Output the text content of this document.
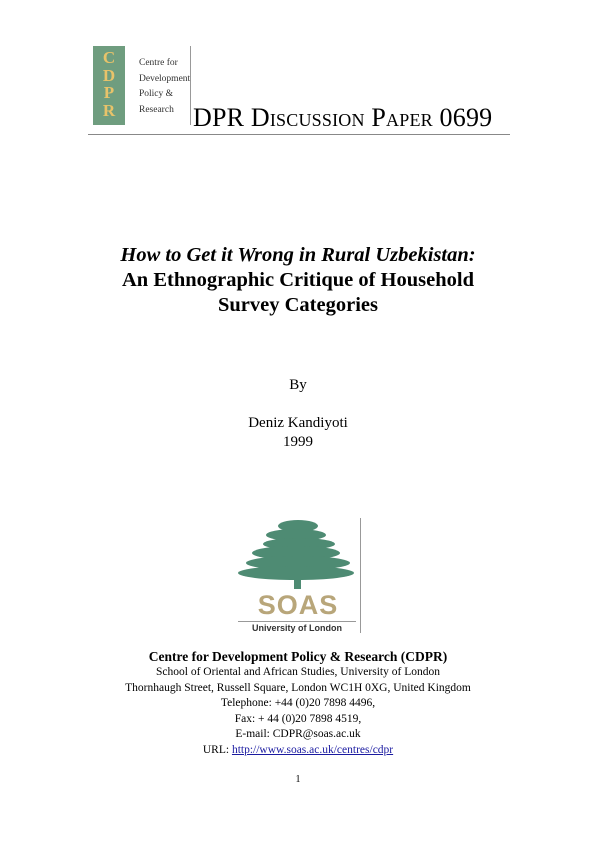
C
D
P
R
Centre for
Development
Policy &
Research DPR Discussion Paper 0699
How to Get it Wrong in Rural Uzbekistan:
An Ethnographic Critique of Household
Survey Categories
By
Deniz Kandiyoti
1999
SOAS
University of London
Centre for Development Policy & Research (CDPR)
School of Oriental and African Studies, University of London
Thornhaugh Street, Russell Square, London WC1H 0XG, United Kingdom
Telephone: +44 (0)20 7898 4496,
Fax: + 44 (0)20 7898 4519,
E-mail: CDPR@soas.ac.uk
URL: http://www.soas.ac.uk/centres/cdpr
1
